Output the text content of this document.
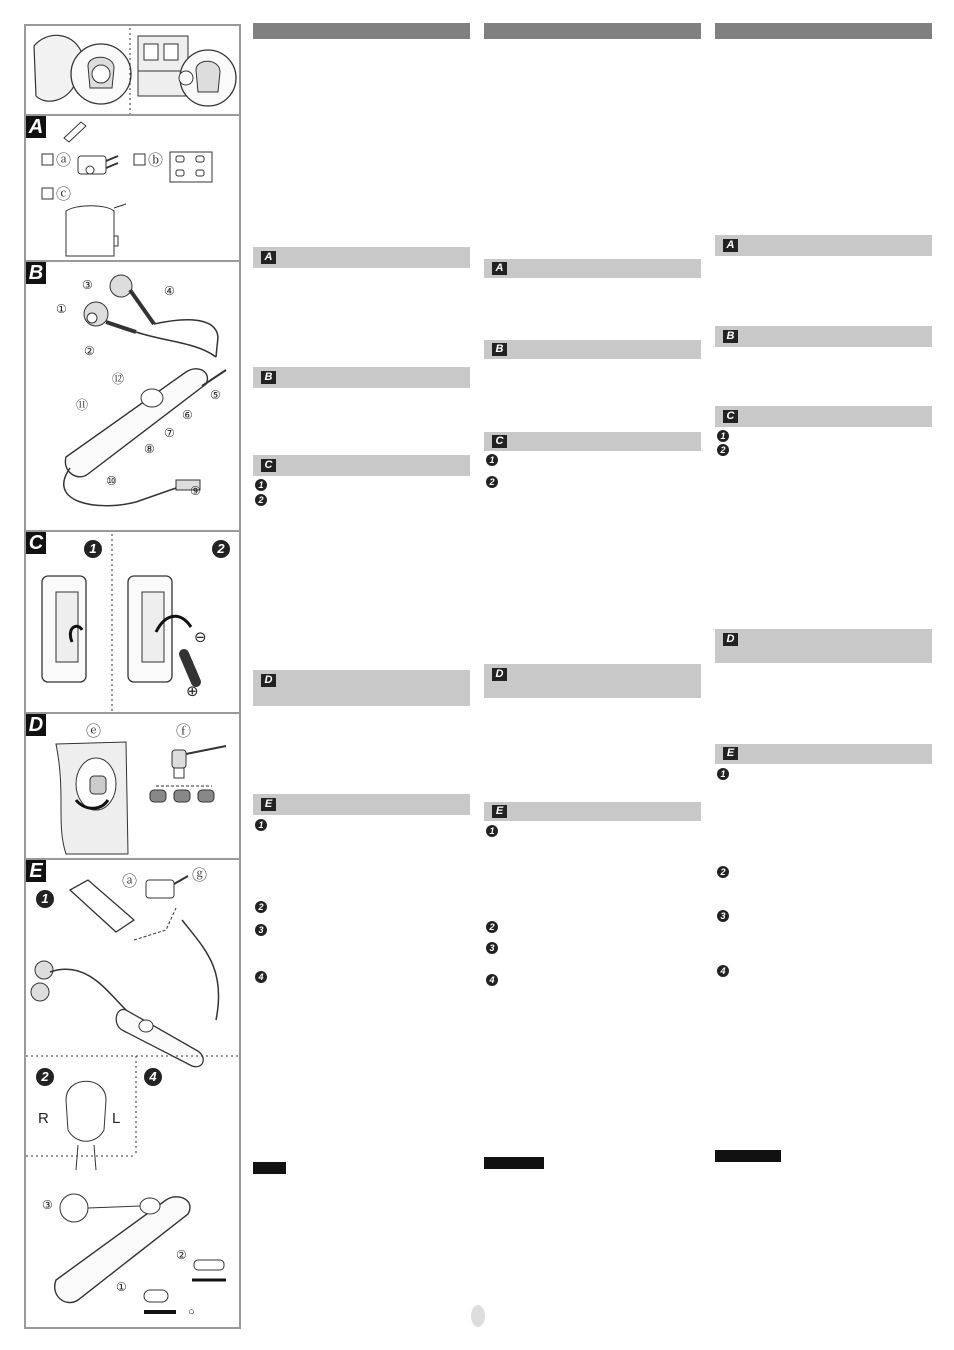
A
ⓐ	ⓑ
ⓒ
B
③
①
②
④
⑫
⑪
⑤
⑥
⑦
⑧
⑩
⑨
C	1	2
⊖
⊕
D	ⓔ	ⓕ
E
1
ⓐ	ⓖ
2	4
R	L
③
②
①
○
A
B
C
1
2
D
E
1
2
3
4
A
B
C
1
2
D
E
1
2
3
4
A
B
C
1
2
D
E
1
2
3
4
